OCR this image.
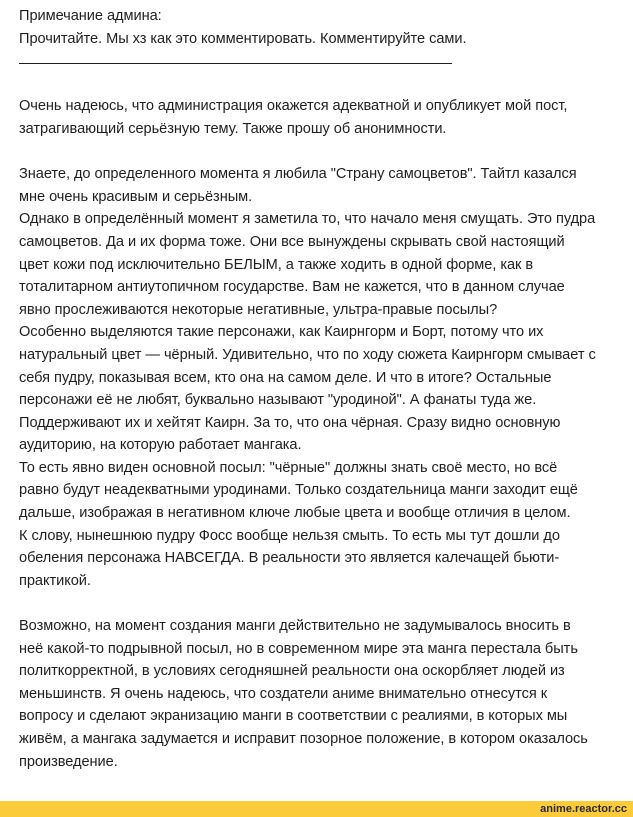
Примечание админа:
Прочитайте. Мы хз как это комментировать. Комментируйте сами.
Очень надеюсь, что администрация окажется адекватной и опубликует мой пост,
затрагивающий серьёзную тему. Также прошу об анонимности.
Знаете, до определенного момента я любила "Страну самоцветов". Тайтл казался
мне очень красивым и серьёзным.
Однако в определённый момент я заметила то, что начало меня смущать. Это пудра
самоцветов. Да и их форма тоже. Они все вынуждены скрывать свой настоящий
цвет кожи под исключительно БЕЛЫМ, а также ходить в одной форме, как в
тоталитарном антиутопичном государстве. Вам не кажется, что в данном случае
явно прослеживаются некоторые негативные, ультра-правые посылы?
Особенно выделяются такие персонажи, как Каирнгорм и Борт, потому что их
натуральный цвет — чёрный. Удивительно, что по ходу сюжета Каирнгорм смывает с
себя пудру, показывая всем, кто она на самом деле. И что в итоге? Остальные
персонажи её не любят, буквально называют "уродиной". А фанаты туда же.
Поддерживают их и хейтят Каирн. За то, что она чёрная. Сразу видно основную
аудиторию, на которую работает мангака.
То есть явно виден основной посыл: "чёрные" должны знать своё место, но всё
равно будут неадекватными уродинами. Только создательница манги заходит ещё
дальше, изображая в негативном ключе любые цвета и вообще отличия в целом.
К слову, нынешнюю пудру Фосс вообще нельзя смыть. То есть мы тут дошли до
обеления персонажа НАВСЕГДА. В реальности это является калечащей бьюти-
практикой.
Возможно, на момент создания манги действительно не задумывалось вносить в
неё какой-то подрывной посыл, но в современном мире эта манга перестала быть
политкорректной, в условиях сегодняшней реальности она оскорбляет людей из
меньшинств. Я очень надеюсь, что создатели аниме внимательно отнесутся к
вопросу и сделают экранизацию манги в соответствии с реалиями, в которых мы
живём, а мангака задумается и исправит позорное положение, в котором оказалось
произведение.
anime.reactor.cc
